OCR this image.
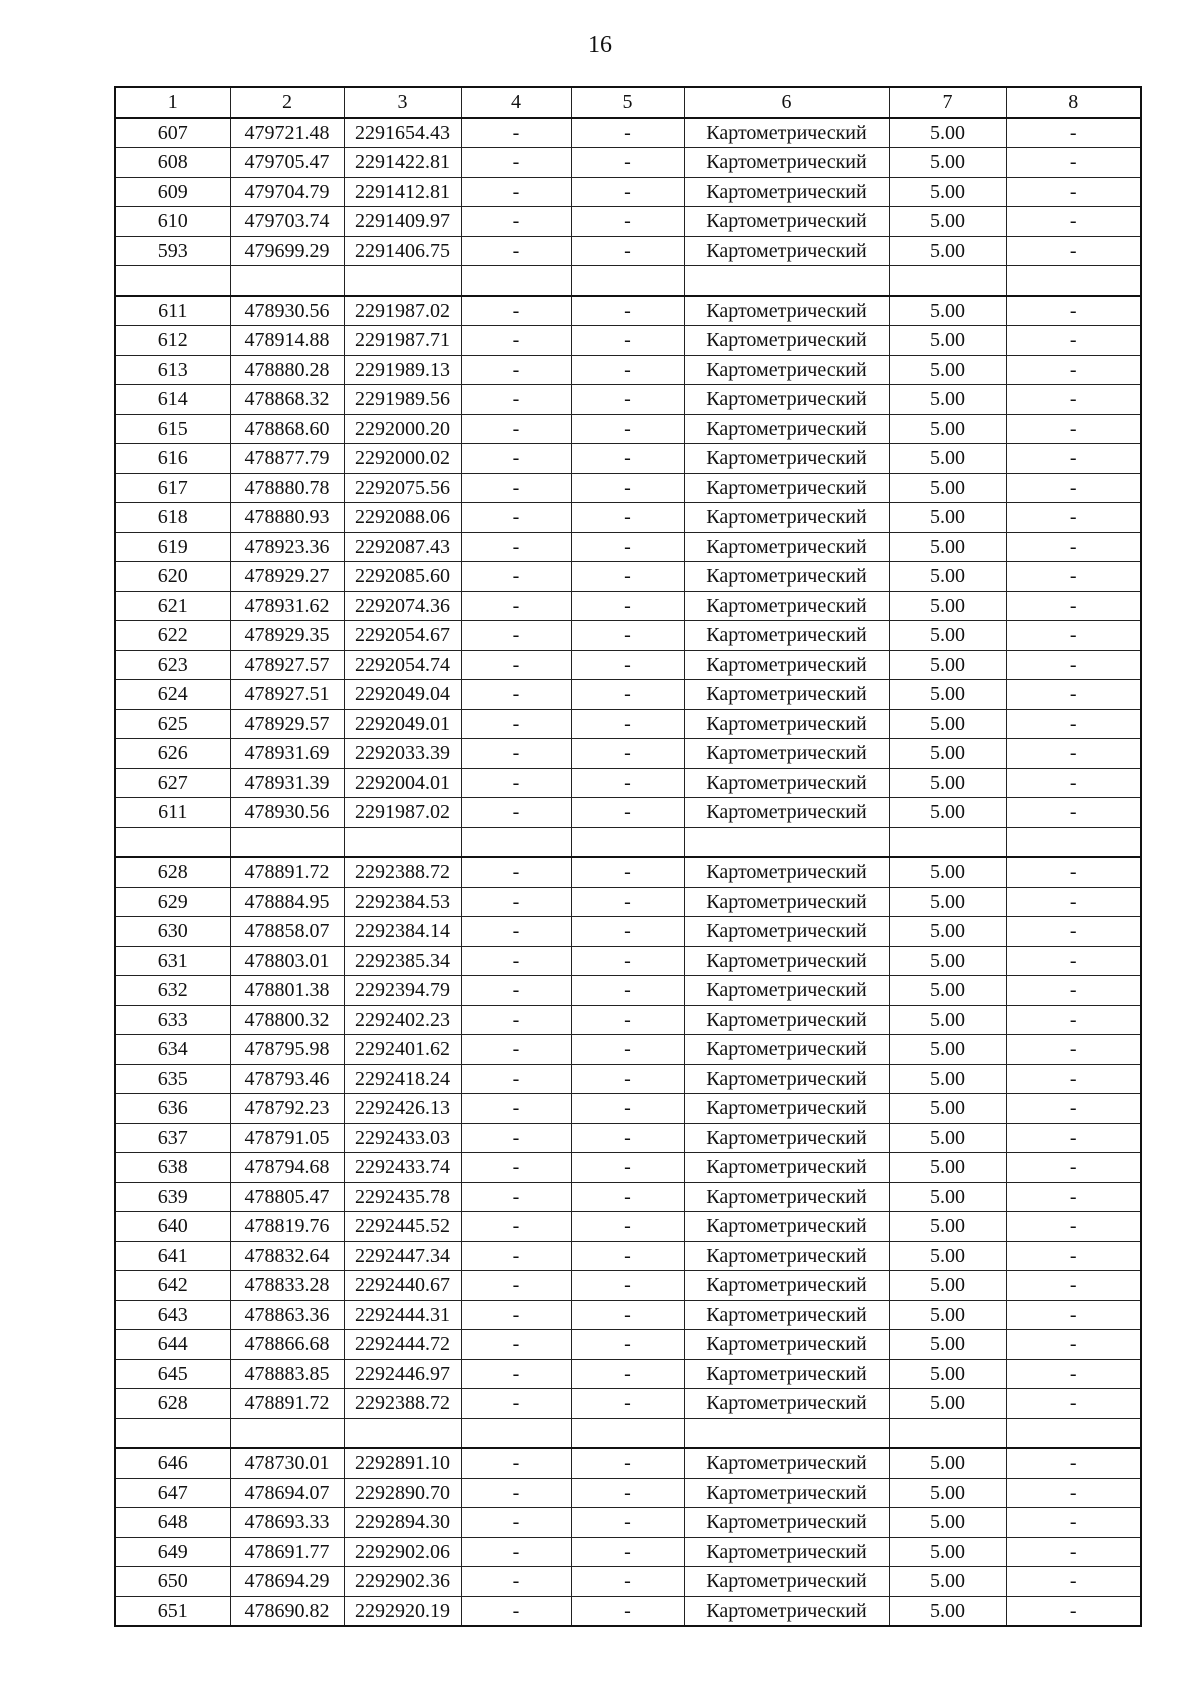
16
1	2	3	4	5	6	7	8
607	479721.48	2291654.43	-	-	Картометрический	5.00	-
608	479705.47	2291422.81	-	-	Картометрический	5.00	-
609	479704.79	2291412.81	-	-	Картометрический	5.00	-
610	479703.74	2291409.97	-	-	Картометрический	5.00	-
593	479699.29	2291406.75	-	-	Картометрический	5.00	-

611	478930.56	2291987.02	-	-	Картометрический	5.00	-
612	478914.88	2291987.71	-	-	Картометрический	5.00	-
613	478880.28	2291989.13	-	-	Картометрический	5.00	-
614	478868.32	2291989.56	-	-	Картометрический	5.00	-
615	478868.60	2292000.20	-	-	Картометрический	5.00	-
616	478877.79	2292000.02	-	-	Картометрический	5.00	-
617	478880.78	2292075.56	-	-	Картометрический	5.00	-
618	478880.93	2292088.06	-	-	Картометрический	5.00	-
619	478923.36	2292087.43	-	-	Картометрический	5.00	-
620	478929.27	2292085.60	-	-	Картометрический	5.00	-
621	478931.62	2292074.36	-	-	Картометрический	5.00	-
622	478929.35	2292054.67	-	-	Картометрический	5.00	-
623	478927.57	2292054.74	-	-	Картометрический	5.00	-
624	478927.51	2292049.04	-	-	Картометрический	5.00	-
625	478929.57	2292049.01	-	-	Картометрический	5.00	-
626	478931.69	2292033.39	-	-	Картометрический	5.00	-
627	478931.39	2292004.01	-	-	Картометрический	5.00	-
611	478930.56	2291987.02	-	-	Картометрический	5.00	-

628	478891.72	2292388.72	-	-	Картометрический	5.00	-
629	478884.95	2292384.53	-	-	Картометрический	5.00	-
630	478858.07	2292384.14	-	-	Картометрический	5.00	-
631	478803.01	2292385.34	-	-	Картометрический	5.00	-
632	478801.38	2292394.79	-	-	Картометрический	5.00	-
633	478800.32	2292402.23	-	-	Картометрический	5.00	-
634	478795.98	2292401.62	-	-	Картометрический	5.00	-
635	478793.46	2292418.24	-	-	Картометрический	5.00	-
636	478792.23	2292426.13	-	-	Картометрический	5.00	-
637	478791.05	2292433.03	-	-	Картометрический	5.00	-
638	478794.68	2292433.74	-	-	Картометрический	5.00	-
639	478805.47	2292435.78	-	-	Картометрический	5.00	-
640	478819.76	2292445.52	-	-	Картометрический	5.00	-
641	478832.64	2292447.34	-	-	Картометрический	5.00	-
642	478833.28	2292440.67	-	-	Картометрический	5.00	-
643	478863.36	2292444.31	-	-	Картометрический	5.00	-
644	478866.68	2292444.72	-	-	Картометрический	5.00	-
645	478883.85	2292446.97	-	-	Картометрический	5.00	-
628	478891.72	2292388.72	-	-	Картометрический	5.00	-

646	478730.01	2292891.10	-	-	Картометрический	5.00	-
647	478694.07	2292890.70	-	-	Картометрический	5.00	-
648	478693.33	2292894.30	-	-	Картометрический	5.00	-
649	478691.77	2292902.06	-	-	Картометрический	5.00	-
650	478694.29	2292902.36	-	-	Картометрический	5.00	-
651	478690.82	2292920.19	-	-	Картометрический	5.00	-
